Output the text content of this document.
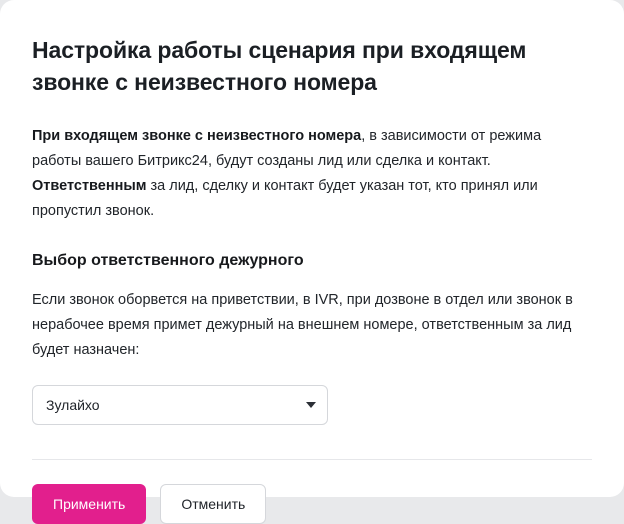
Настройка работы сценария при входящем звонке с неизвестного номера

При входящем звонке с неизвестного номера, в зависимости от режима работы вашего Битрикс24, будут созданы лид или сделка и контакт. Ответственным за лид, сделку и контакт будет указан тот, кто принял или пропустил звонок.

Выбор ответственного дежурного

Если звонок оборвется на приветствии, в IVR, при дозвоне в отдел или звонок в нерабочее время примет дежурный на внешнем номере, ответственным за лид будет назначен:

Зулайхо
Применить	Отменить
